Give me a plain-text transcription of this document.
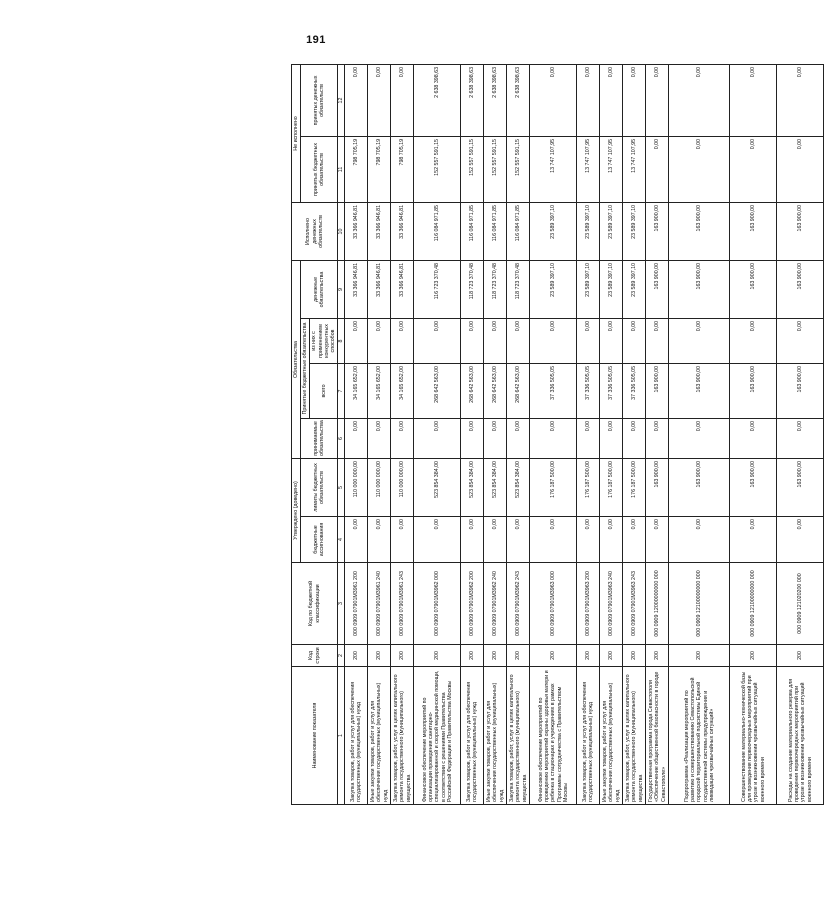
191
Наименование показателя	Код строки	Код по бюджетной классификации	Утверждено (доведено)		Обязательства				Исполнено денежных обязательств	Не исполнено	
			бюджетные ассигнования	лимиты бюджетных обязательств	принимаемые обязательства	Принятые бюджетные обязательства		денежные обязательства		принятых бюджетных обязательств	принятых денежных обязательств
						всего	из них с применением конкурентных способов				
1	2	3	4	5	6	7	8	9	10	11	12
Закупка товаров, работ и услуг для обеспечения государственных (муниципальных) нужд	200	000 0909 07901М3961 200	0,00	110 000 000,00	0,00	34 165 652,00	0,00	33 366 946,81	33 366 946,81	798 705,19	0,00
Иные закупки товаров, работ и услуг для обеспечения государственных (муниципальных) нужд	200	000 0909 07901М3961 240	0,00	110 000 000,00	0,00	34 165 652,00	0,00	33 366 946,81	33 366 946,81	798 705,19	0,00
Закупка товаров, работ, услуг в целях капитального ремонта государственного (муниципального) имущества	200	000 0909 07901М3961 243	0,00	110 000 000,00	0,00	34 165 652,00	0,00	33 366 946,81	33 366 946,81	798 705,19	0,00
Финансовое обеспечение мероприятий по организации проведения санитарно-специализированной и скорой медицинской помощи, в соответствии с решениями Правительства Российской Федерации и Правительства Москвы	200	000 0909 07901М3962 000	0,00	523 854 384,00	0,00	268 642 563,00	0,00	116 723 370,48	116 084 971,85	152 557 591,15	2 638 398,63
Закупка товаров, работ и услуг для обеспечения государственных (муниципальных) нужд	200	000 0909 07901М3962 200	0,00	523 854 384,00	0,00	268 642 563,00	0,00	118 723 370,48	116 084 971,85	152 557 591,15	2 638 398,63
Иные закупки товаров, работ и услуг для обеспечения государственных (муниципальных) нужд	200	000 0909 07901М3962 240	0,00	523 854 384,00	0,00	268 642 563,00	0,00	118 723 370,48	116 084 971,85	152 557 591,15	2 638 398,63
Закупка товаров, работ, услуг в целях капитального ремонта государственного (муниципального) имущества	200	000 0909 07901М3962 243	0,00	523 854 384,00	0,00	268 642 563,00	0,00	118 723 370,48	116 084 971,85	152 557 591,15	2 638 398,63
Финансовое обеспечение мероприятий по проведению мероприятий охраны здоровья матери и ребенка в стационарах и учреждениях в рамках Программы сотрудничества с Правительством Москвы	200	000 0909 07901М3963 000	0,00	176 187 500,00	0,00	37 336 505,05	0,00	23 589 397,10	23 589 397,10	13 747 107,95	0,00
Закупка товаров, работ и услуг для обеспечения государственных (муниципальных) нужд	200	000 0909 07901М3963 200	0,00	176 187 500,00	0,00	37 336 505,05	0,00	23 589 397,10	23 589 397,10	13 747 107,95	0,00
Иные закупки товаров, работ и услуг для обеспечения государственных (муниципальных) нужд	200	000 0909 07901М3963 240	0,00	176 187 500,00	0,00	37 336 505,05	0,00	23 589 397,10	23 589 397,10	13 747 107,95	0,00
Закупка товаров, работ, услуг в целях капитального ремонта государственного (муниципального) имущества	200	000 0909 07901М3963 243	0,00	176 187 500,00	0,00	37 336 505,05	0,00	23 589 397,10	23 589 397,10	13 747 107,95	0,00
Государственная программа города Севастополя «Обеспечение общественной безопасности в городе Севастополе»	200	000 0909 12000000000 000	0,00	163 900,00	0,00	163 900,00	0,00	163 900,00	163 900,00	0,00	0,00
Подпрограмма «Реализация мероприятий по развитию и совершенствованию Севастопольской городской территориальной подсистемы Единой государственной системы предупреждения и ликвидации чрезвычайных ситуаций»	200	000 0909 12100000000 000	0,00	163 900,00	0,00	163 900,00	0,00	163 900,00	163 900,00	0,00	0,00
Совершенствование материально-технической базы для проведения первоочередных мероприятий при угрозе и возникновении чрезвычайных ситуаций военного времени	200	000 0909 12100000000 000	0,00	163 900,00	0,00	163 900,00	0,00	163 900,00	163 900,00	0,00	0,00
Расходы на создание материального резерва для проведения первоочередных мероприятий при угрозе и возникновении чрезвычайных ситуаций военного времени	200	000 0909 121020200 000	0,00	163 900,00	0,00	163 900,00	0,00	163 900,00	163 900,00	0,00	0,00
